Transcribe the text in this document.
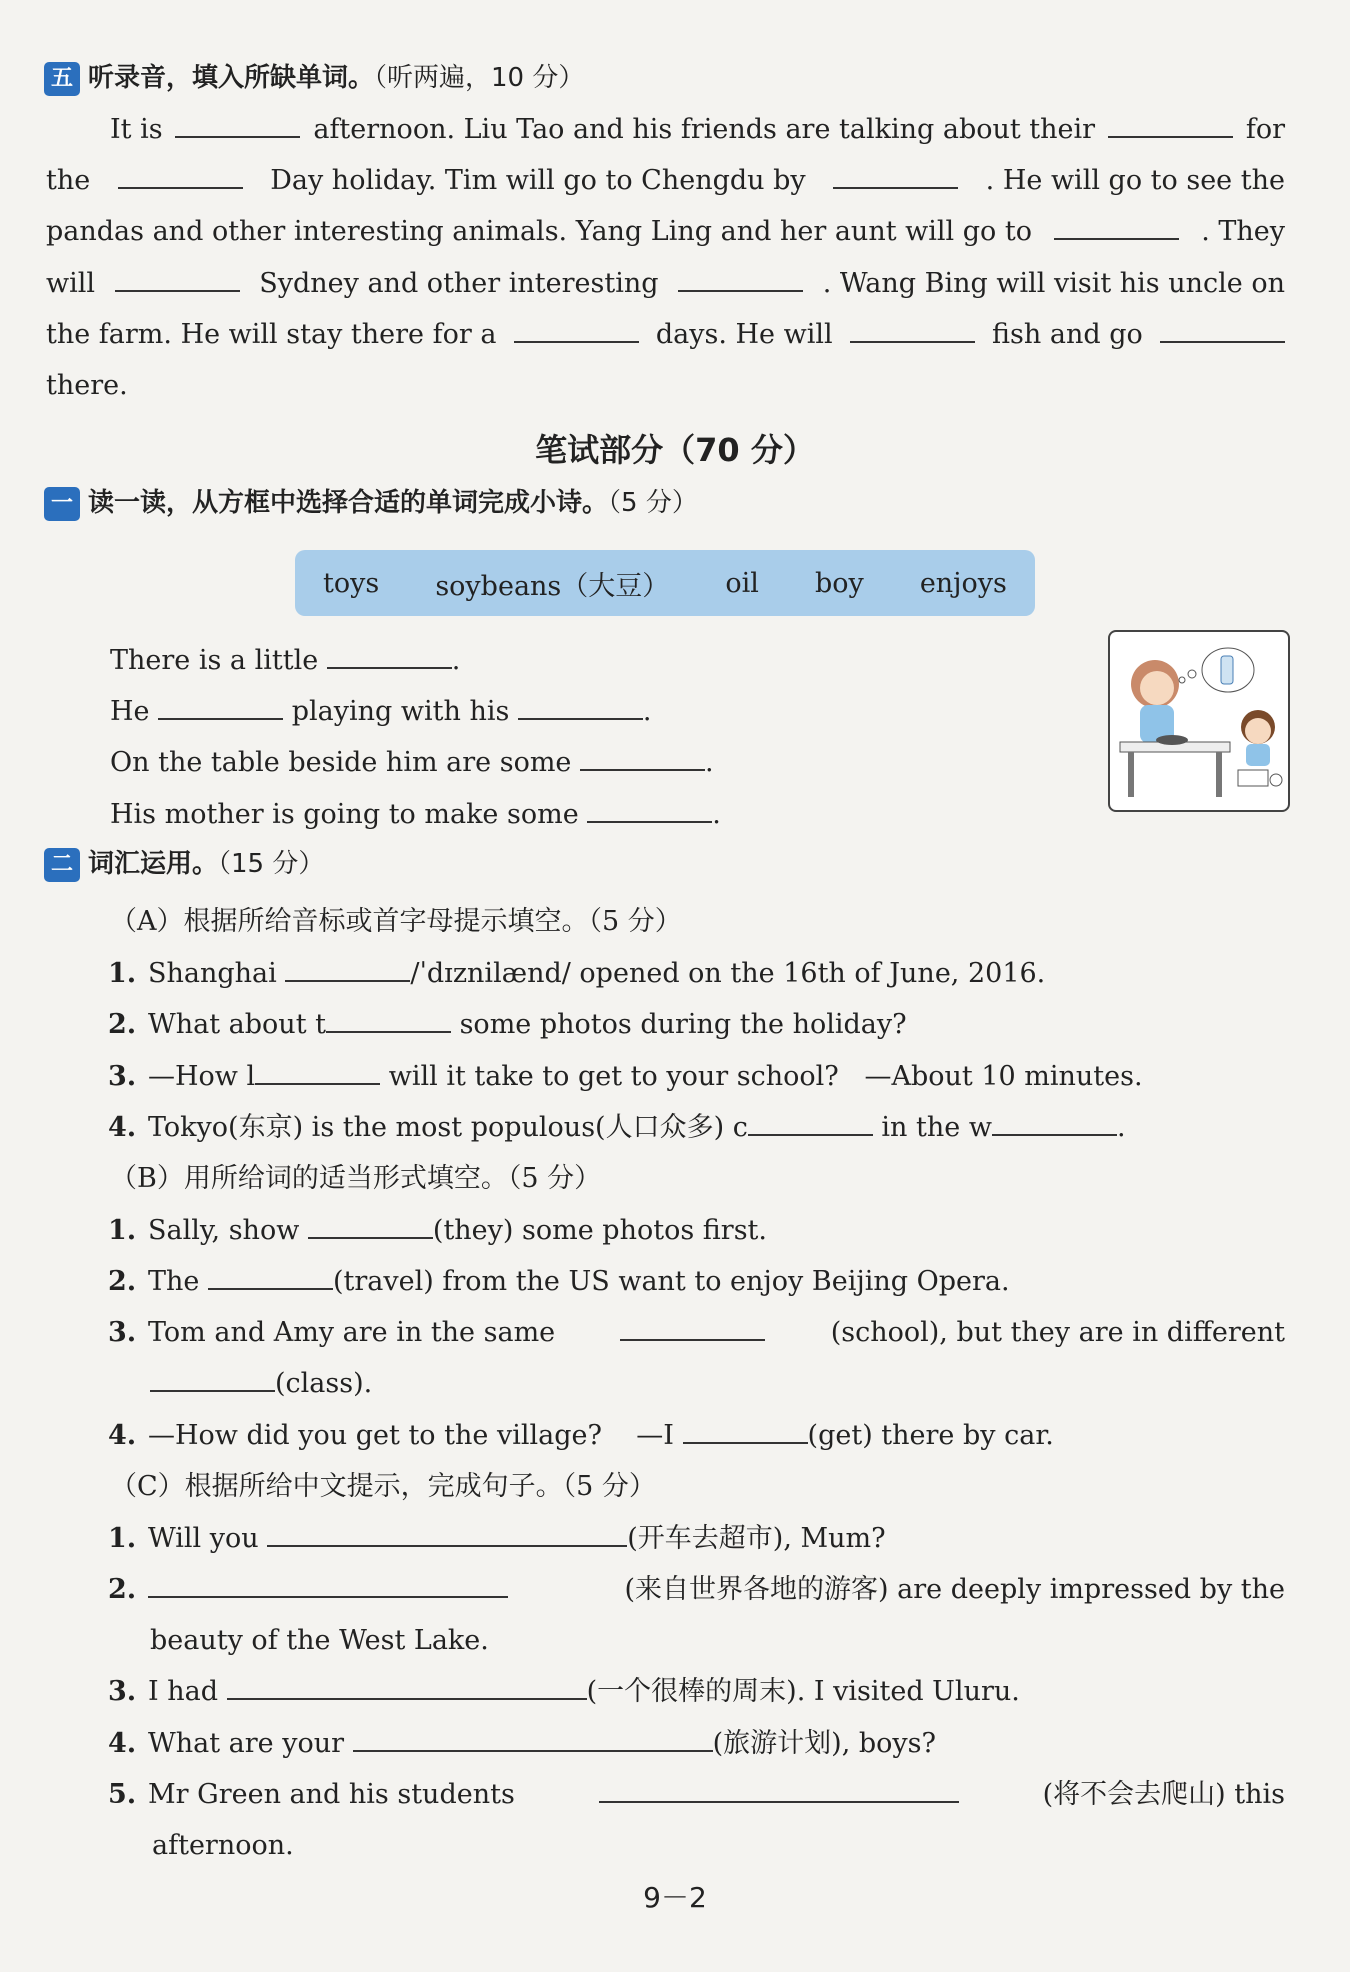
五 听录音，填入所缺单词。（听两遍，10 分）
It is	afternoon. Liu Tao and his friends are talking about their	for
the	Day holiday. Tim will go to Chengdu by	. He will go to see the
pandas and other interesting animals. Yang Ling and her aunt will go to	. They
will	Sydney and other interesting	. Wang Bing will visit his uncle on
the farm. He will stay there for a	days. He will	fish and go
there.
笔试部分（70 分）
一 读一读，从方框中选择合适的单词完成小诗。（5 分）
toys soybeans（大豆） oil boy enjoys
There is a little	.
He	playing with his	.
On the table beside him are some	.
His mother is going to make some	.
二 词汇运用。（15 分）
（A）根据所给音标或首字母提示填空。（5 分）
1. Shanghai	/ˈdɪznilænd/ opened on the 16th of June, 2016.
2. What about t	some photos during the holiday?
3. —How l	will it take to get to your school? —About 10 minutes.
4. Tokyo(东京) is the most populous(人口众多) c	in the w	.
（B）用所给词的适当形式填空。（5 分）
1. Sally, show	(they) some photos first.
2. The	(travel) from the US want to enjoy Beijing Opera.
3. Tom and Amy are in the same	(school), but they are in different
(class).
4. —How did you get to the village? —I	(get) there by car.
（C）根据所给中文提示，完成句子。（5 分）
1. Will you	(开车去超市), Mum?
2.	(来自世界各地的游客) are deeply impressed by the
beauty of the West Lake.
3. I had	(一个很棒的周末). I visited Uluru.
4. What are your	(旅游计划), boys?
5. Mr Green and his students	(将不会去爬山) this
afternoon.
9－2
